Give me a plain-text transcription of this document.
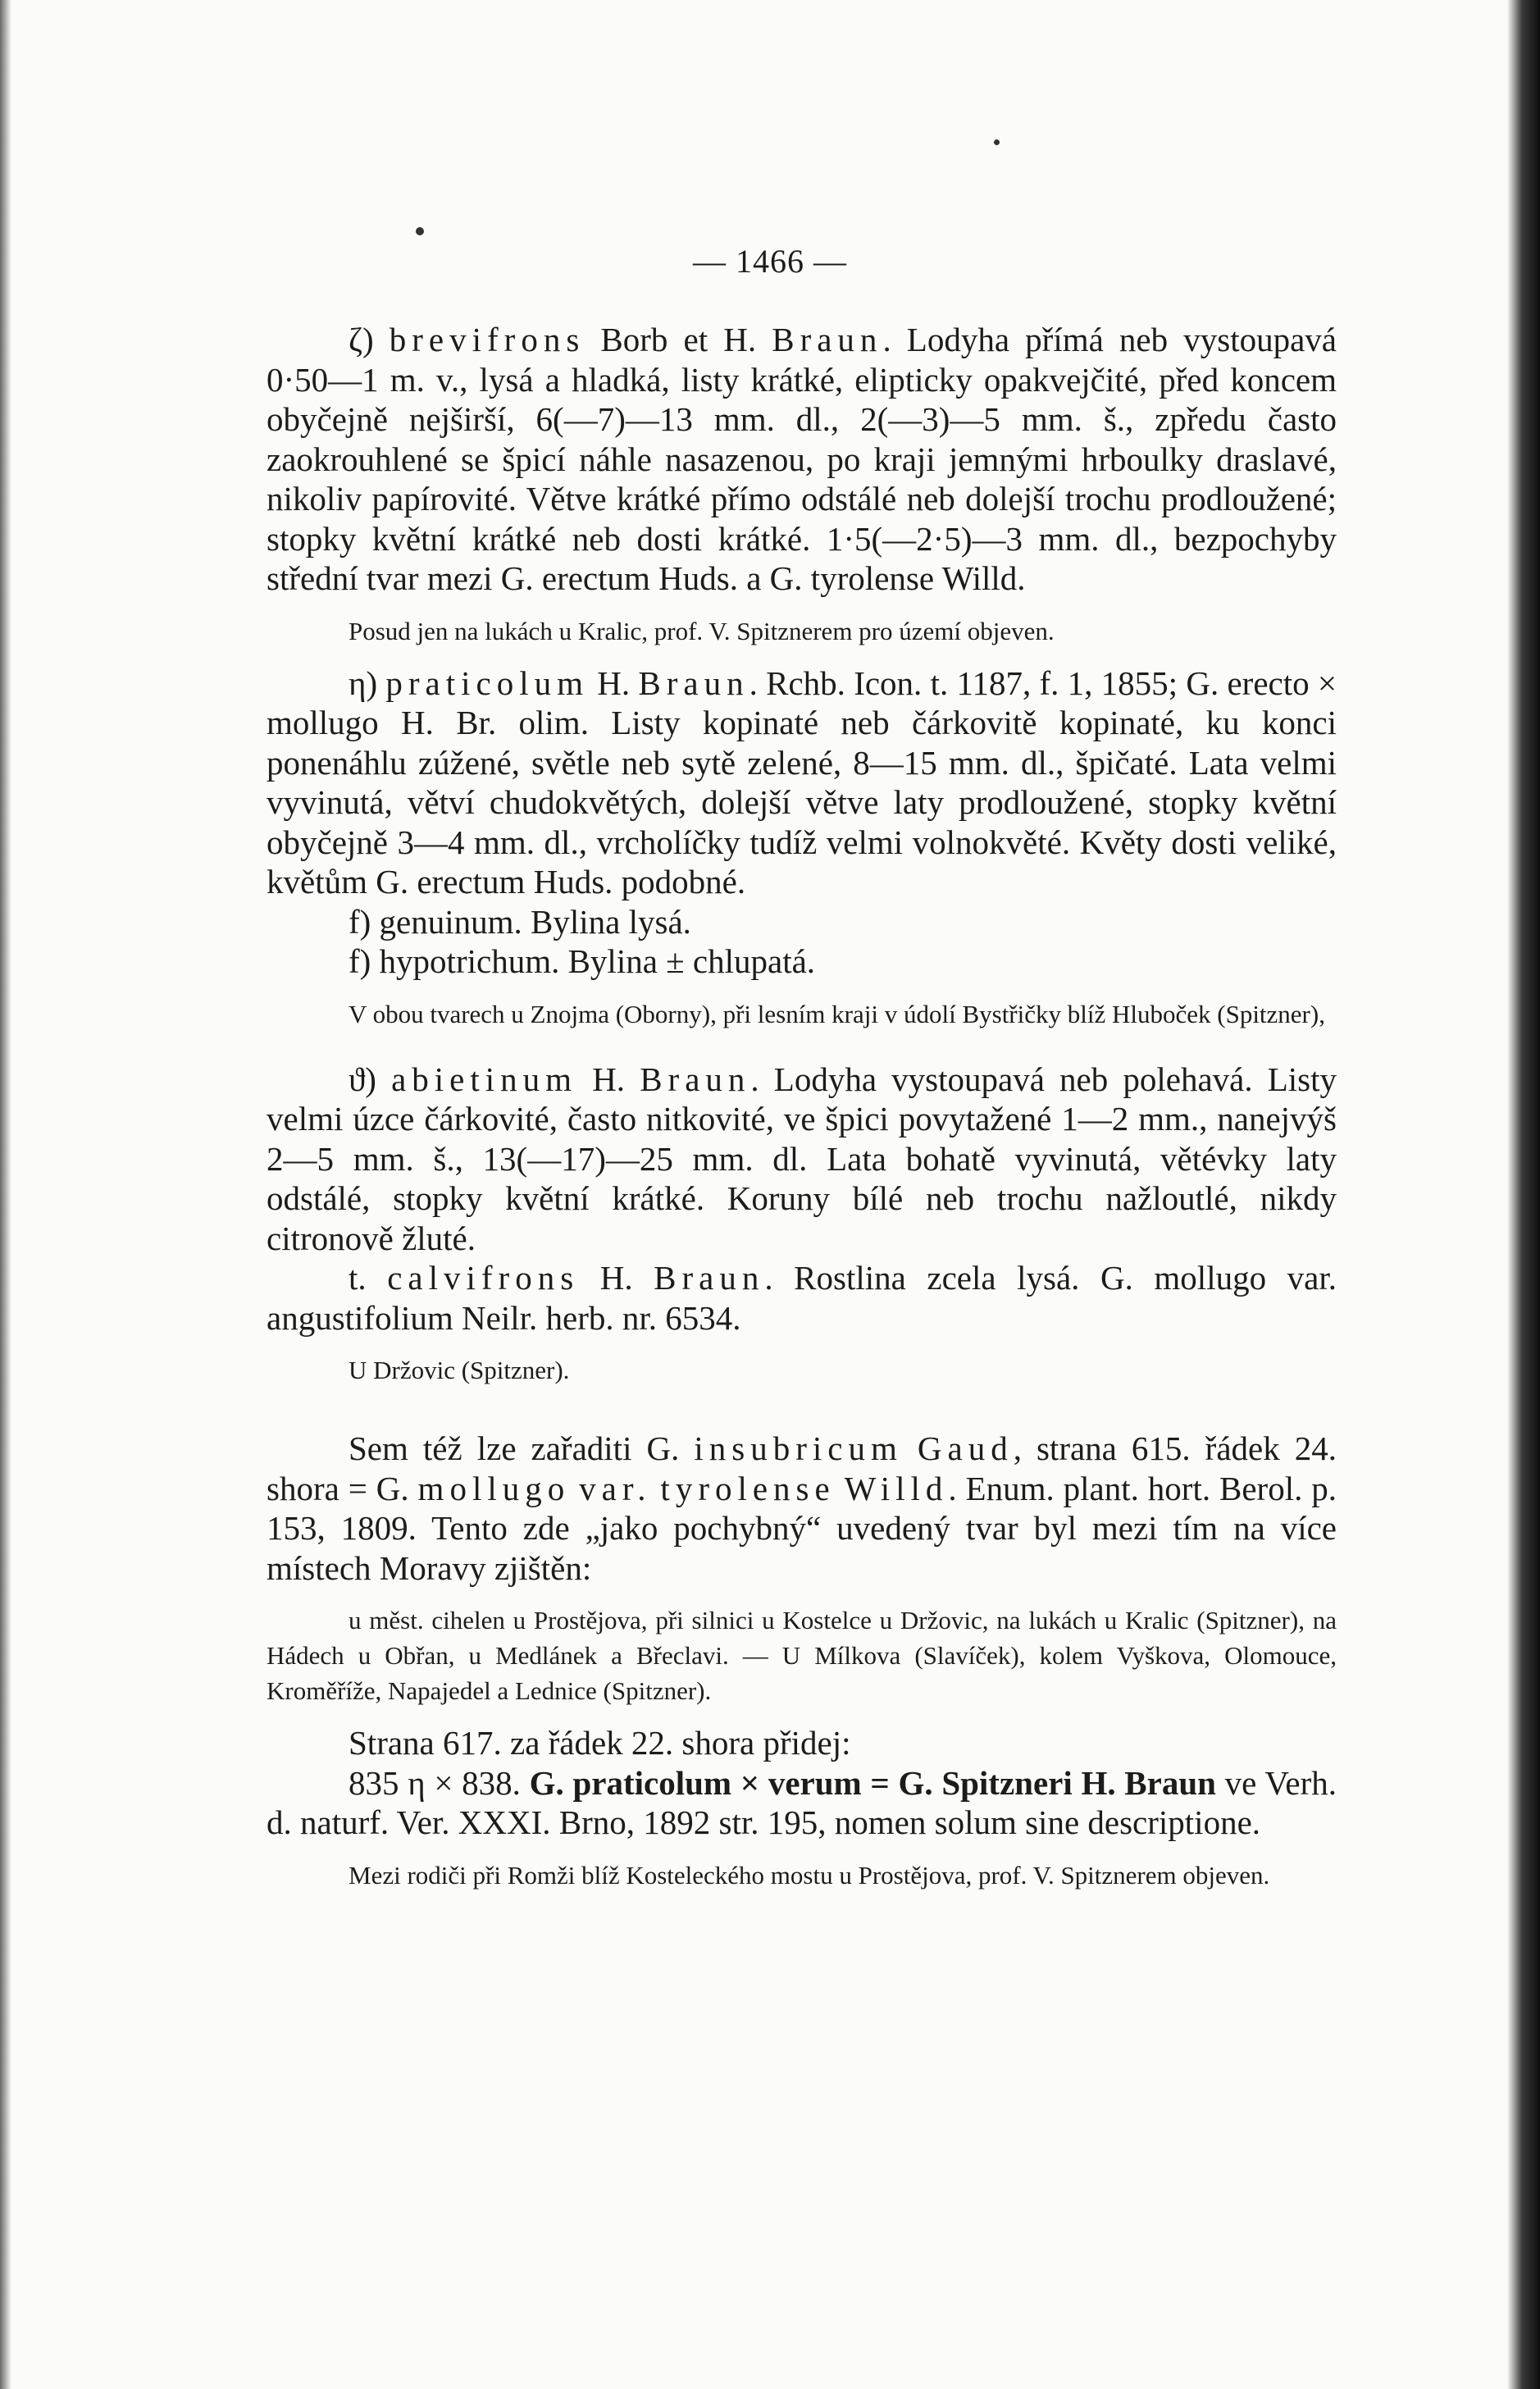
— 1466 —

ζ) brevifrons Borb et H. Braun. Lodyha přímá neb vystoupavá 0·50—1 m. v., lysá a hladká, listy krátké, elipticky opakvejčité, před koncem obyčejně nejširší, 6(—7)—13 mm. dl., 2(—3)—5 mm. š., zpředu často zaokrouhlené se špicí náhle nasazenou, po kraji jemnými hrboulky draslavé, nikoliv papírovité. Větve krátké přímo odstálé neb dolejší trochu prodloužené; stopky květní krátké neb dosti krátké. 1·5(—2·5)—3 mm. dl., bezpochyby střední tvar mezi G. erectum Huds. a G. tyrolense Willd.

Posud jen na lukách u Kralic, prof. V. Spitznerem pro území objeven.

η) praticolum H. Braun. Rchb. Icon. t. 1187, f. 1, 1855; G. erecto × mollugo H. Br. olim. Listy kopinaté neb čárkovitě kopinaté, ku konci ponenáhlu zúžené, světle neb sytě zelené, 8—15 mm. dl., špičaté. Lata velmi vyvinutá, větví chudokvětých, dolejší větve laty prodloužené, stopky květní obyčejně 3—4 mm. dl., vrcholíčky tudíž velmi volnokvěté. Květy dosti veliké, květům G. erectum Huds. podobné.

f) genuinum. Bylina lysá.

f) hypotrichum. Bylina ± chlupatá.

V obou tvarech u Znojma (Oborny), při lesním kraji v údolí Bystřičky blíž Hluboček (Spitzner),

ϑ) abietinum H. Braun. Lodyha vystoupavá neb polehavá. Listy velmi úzce čárkovité, často nitkovité, ve špici povytažené 1—2 mm., nanejvýš 2—5 mm. š., 13(—17)—25 mm. dl. Lata bohatě vyvinutá, větévky laty odstálé, stopky květní krátké. Koruny bílé neb trochu nažloutlé, nikdy citronově žluté.

t. calvifrons H. Braun. Rostlina zcela lysá. G. mollugo var. angustifolium Neilr. herb. nr. 6534.

U Držovic (Spitzner).

Sem též lze zařaditi G. insubricum Gaud, strana 615. řádek 24. shora = G. mollugo var. tyrolense Willd. Enum. plant. hort. Berol. p. 153, 1809. Tento zde „jako pochybný“ uvedený tvar byl mezi tím na více místech Moravy zjištěn:

u měst. cihelen u Prostějova, při silnici u Kostelce u Držovic, na lukách u Kralic (Spitzner), na Hádech u Obřan, u Medlánek a Břeclavi. — U Mílkova (Slavíček), kolem Vyškova, Olomouce, Kroměříže, Napajedel a Lednice (Spitzner).

Strana 617. za řádek 22. shora přidej:

835 η × 838. G. praticolum × verum = G. Spitzneri H. Braun ve Verh. d. naturf. Ver. XXXI. Brno, 1892 str. 195, nomen solum sine descriptione.

Mezi rodiči při Romži blíž Kosteleckého mostu u Prostějova, prof. V. Spitznerem objeven.
